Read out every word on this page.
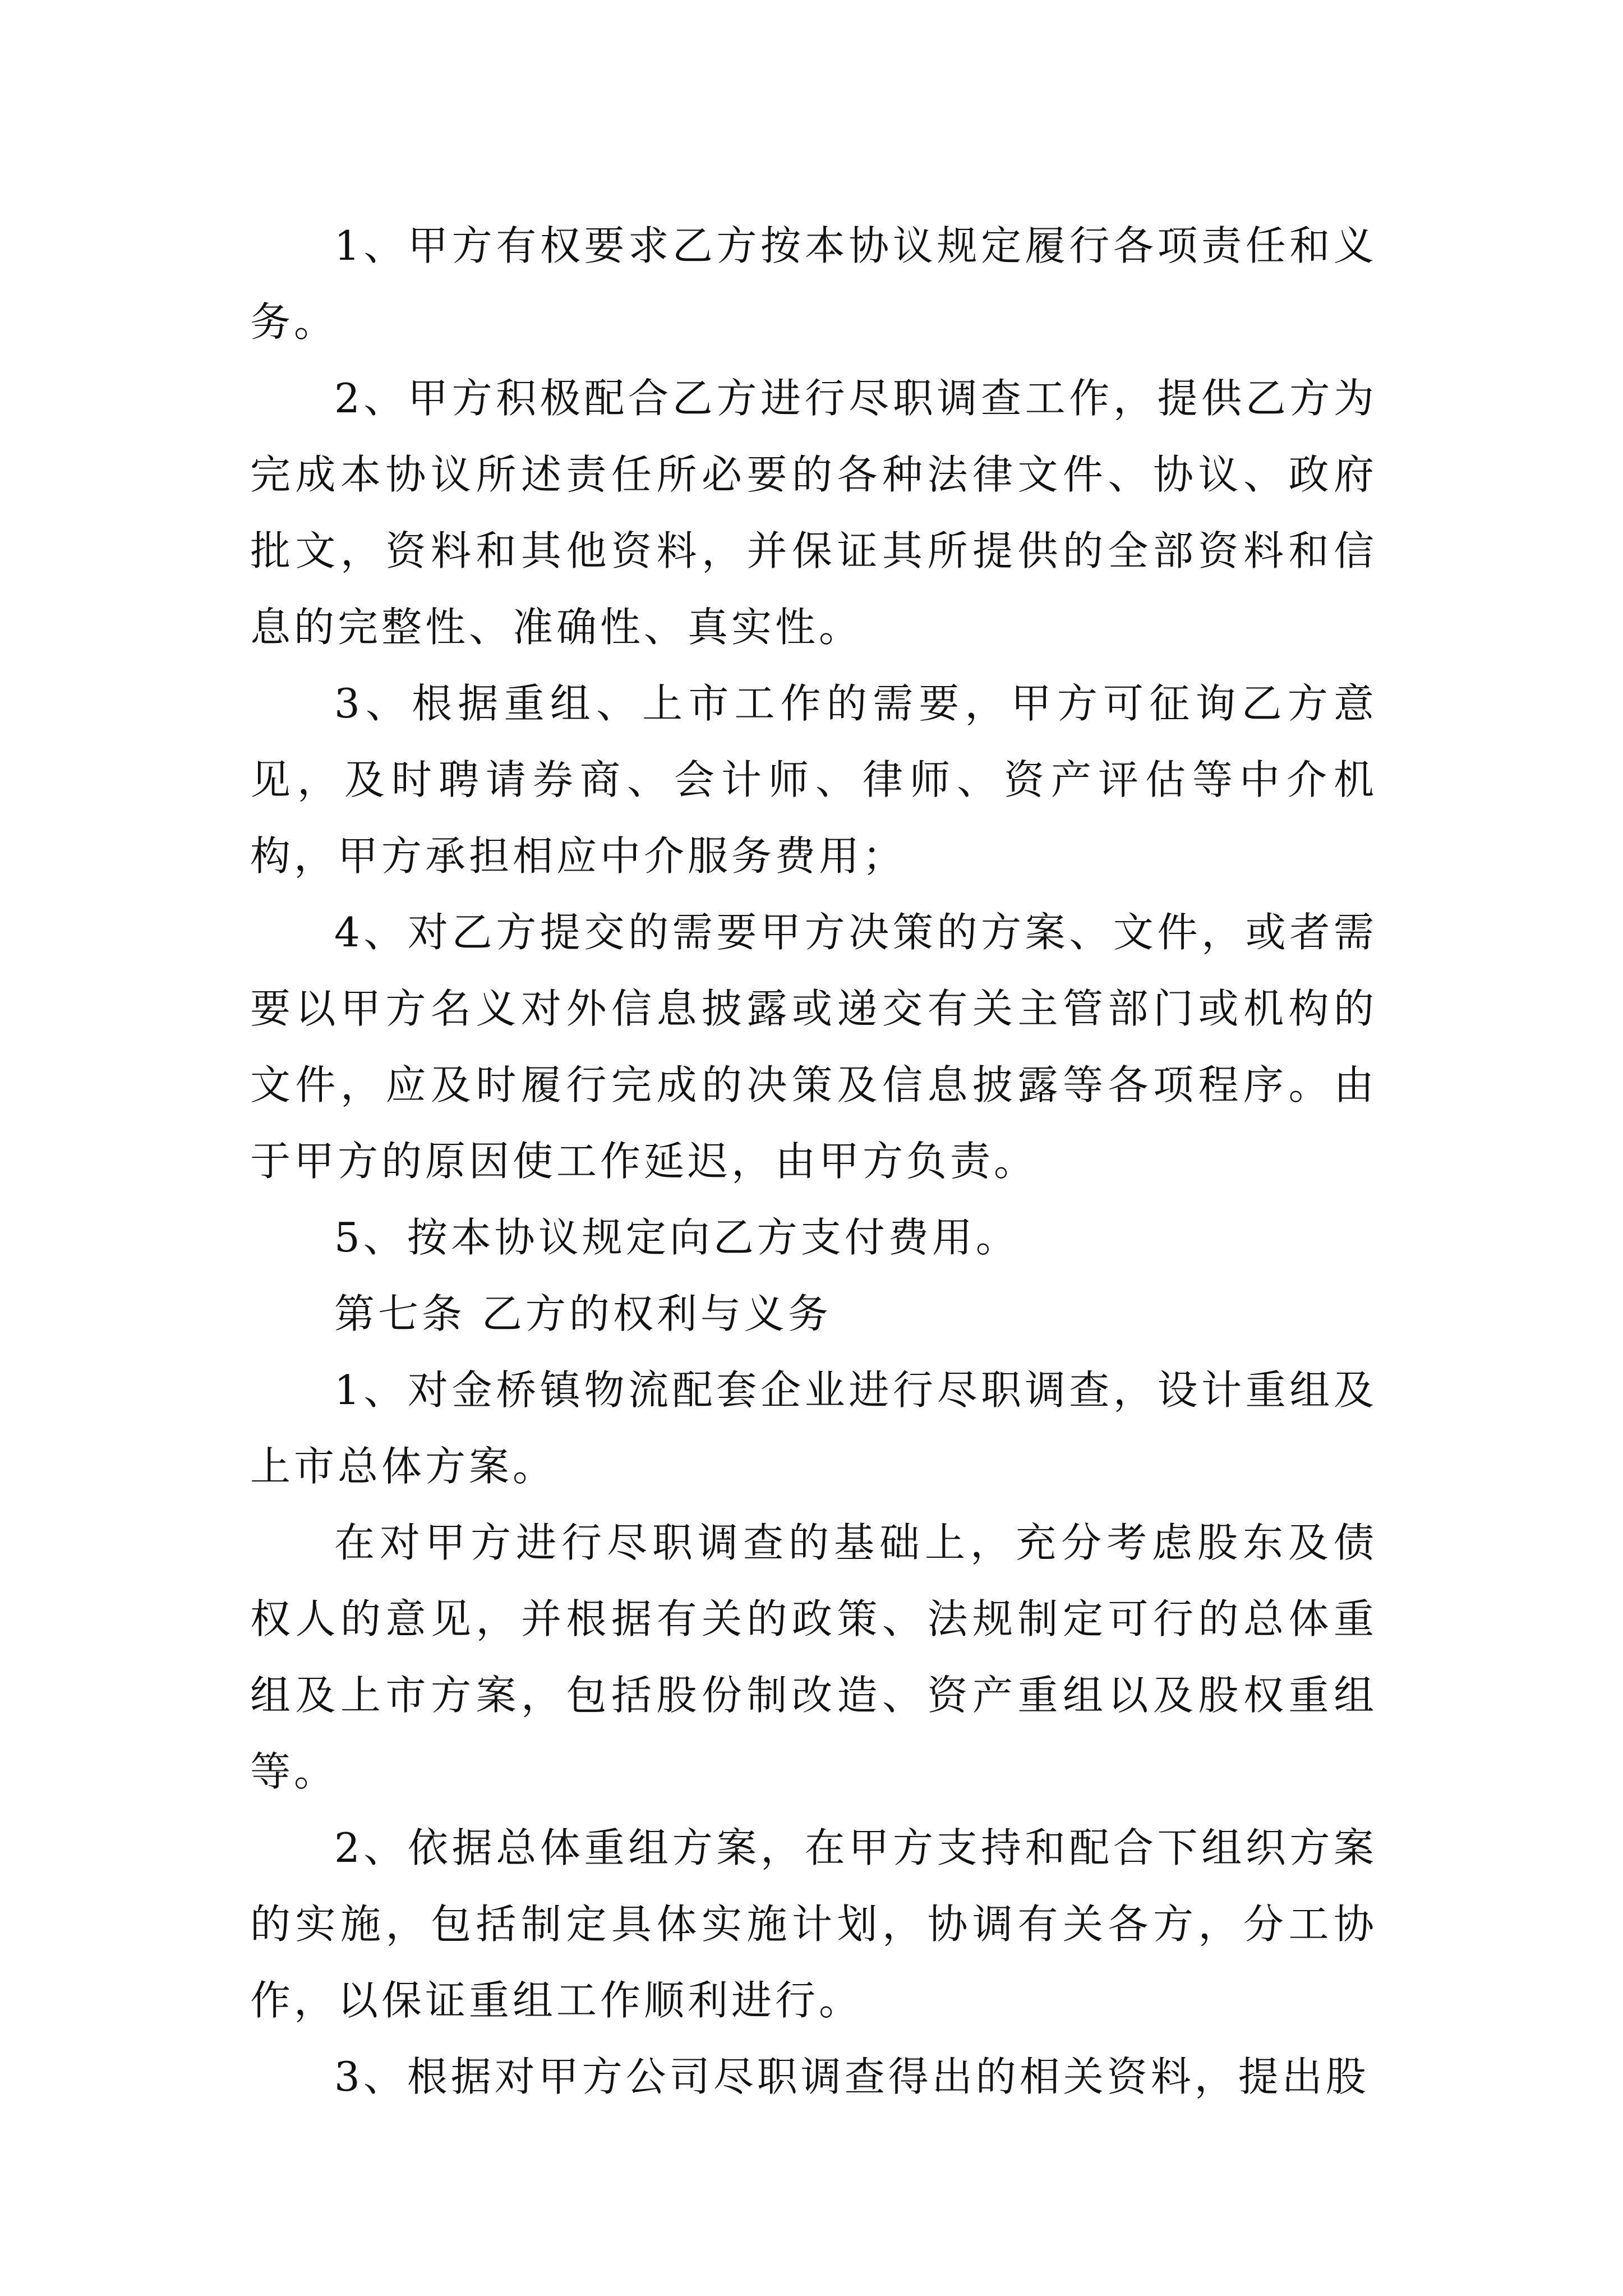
1、甲方有权要求乙方按本协议规定履行各项责任和义务。

2、甲方积极配合乙方进行尽职调查工作，提供乙方为完成本协议所述责任所必要的各种法律文件、协议、政府批文，资料和其他资料，并保证其所提供的全部资料和信息的完整性、准确性、真实性。

3、根据重组、上市工作的需要，甲方可征询乙方意见，及时聘请券商、会计师、律师、资产评估等中介机构，甲方承担相应中介服务费用；

4、对乙方提交的需要甲方决策的方案、文件，或者需要以甲方名义对外信息披露或递交有关主管部门或机构的文件，应及时履行完成的决策及信息披露等各项程序。由于甲方的原因使工作延迟，由甲方负责。

5、按本协议规定向乙方支付费用。

第七条 乙方的权利与义务

1、对金桥镇物流配套企业进行尽职调查，设计重组及上市总体方案。

在对甲方进行尽职调查的基础上，充分考虑股东及债权人的意见，并根据有关的政策、法规制定可行的总体重组及上市方案，包括股份制改造、资产重组以及股权重组等。

2、依据总体重组方案，在甲方支持和配合下组织方案的实施，包括制定具体实施计划，协调有关各方，分工协作，以保证重组工作顺利进行。

3、根据对甲方公司尽职调查得出的相关资料，提出股
